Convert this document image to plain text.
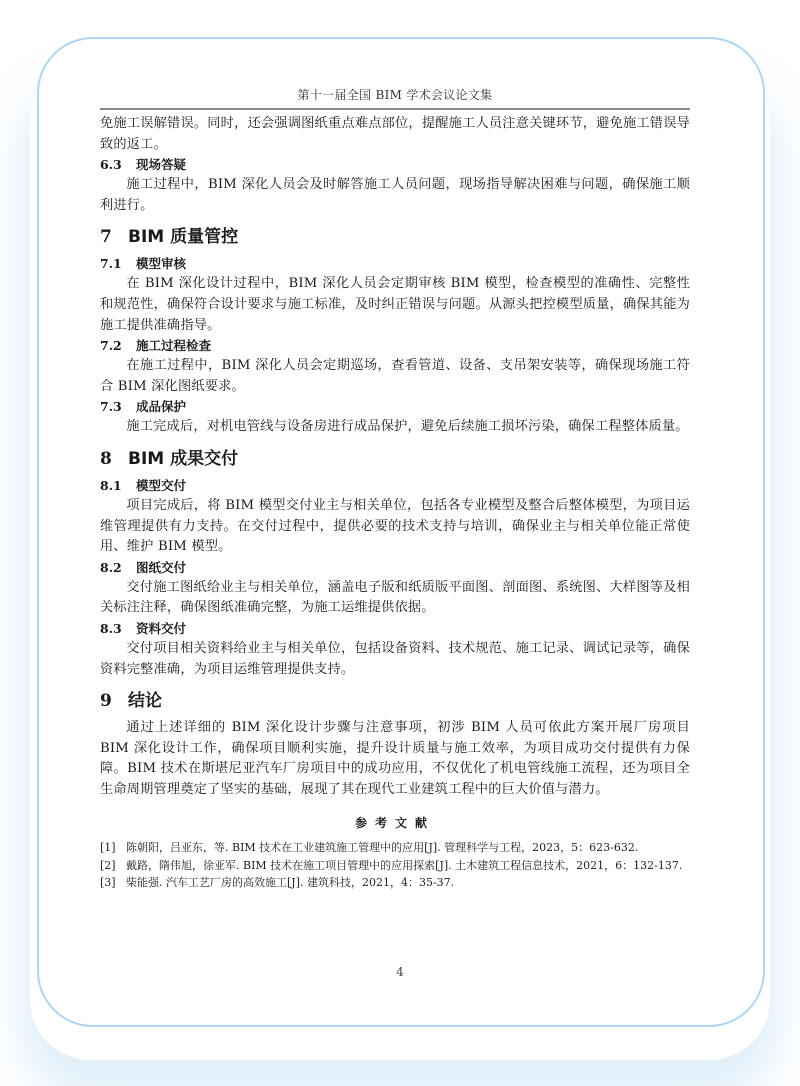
第十一届全国 BIM 学术会议论文集

免施工误解错误。同时，还会强调图纸重点难点部位，提醒施工人员注意关键环节，避免施工错误导致的返工。

6.3 现场答疑

施工过程中，BIM 深化人员会及时解答施工人员问题，现场指导解决困难与问题，确保施工顺利进行。

7 BIM 质量管控
7.1 模型审核

在 BIM 深化设计过程中，BIM 深化人员会定期审核 BIM 模型，检查模型的准确性、完整性和规范性，确保符合设计要求与施工标准，及时纠正错误与问题。从源头把控模型质量，确保其能为施工提供准确指导。

7.2 施工过程检查

在施工过程中，BIM 深化人员会定期巡场，查看管道、设备、支吊架安装等，确保现场施工符合 BIM 深化图纸要求。

7.3 成品保护

施工完成后，对机电管线与设备房进行成品保护，避免后续施工损坏污染，确保工程整体质量。

8 BIM 成果交付
8.1 模型交付

项目完成后，将 BIM 模型交付业主与相关单位，包括各专业模型及整合后整体模型，为项目运维管理提供有力支持。在交付过程中，提供必要的技术支持与培训，确保业主与相关单位能正常使用、维护 BIM 模型。

8.2 图纸交付

交付施工图纸给业主与相关单位，涵盖电子版和纸质版平面图、剖面图、系统图、大样图等及相关标注注释，确保图纸准确完整，为施工运维提供依据。

8.3 资料交付

交付项目相关资料给业主与相关单位，包括设备资料、技术规范、施工记录、调试记录等，确保资料完整准确，为项目运维管理提供支持。

9 结论

通过上述详细的 BIM 深化设计步骤与注意事项，初涉 BIM 人员可依此方案开展厂房项目 BIM 深化设计工作，确保项目顺利实施，提升设计质量与施工效率，为项目成功交付提供有力保障。BIM 技术在斯堪尼亚汽车厂房项目中的成功应用，不仅优化了机电管线施工流程，还为项目全生命周期管理奠定了坚实的基础，展现了其在现代工业建筑工程中的巨大价值与潜力。

参考文献
[1] 陈朝阳，吕亚东，等. BIM 技术在工业建筑施工管理中的应用[J]. 管理科学与工程，2023，5：623-632.
[2] 戴路，隋伟旭，徐亚军. BIM 技术在施工项目管理中的应用探索[J]. 土木建筑工程信息技术，2021，6：132-137.
[3] 柴能强. 汽车工艺厂房的高效施工[J]. 建筑科技，2021，4：35-37.
4
